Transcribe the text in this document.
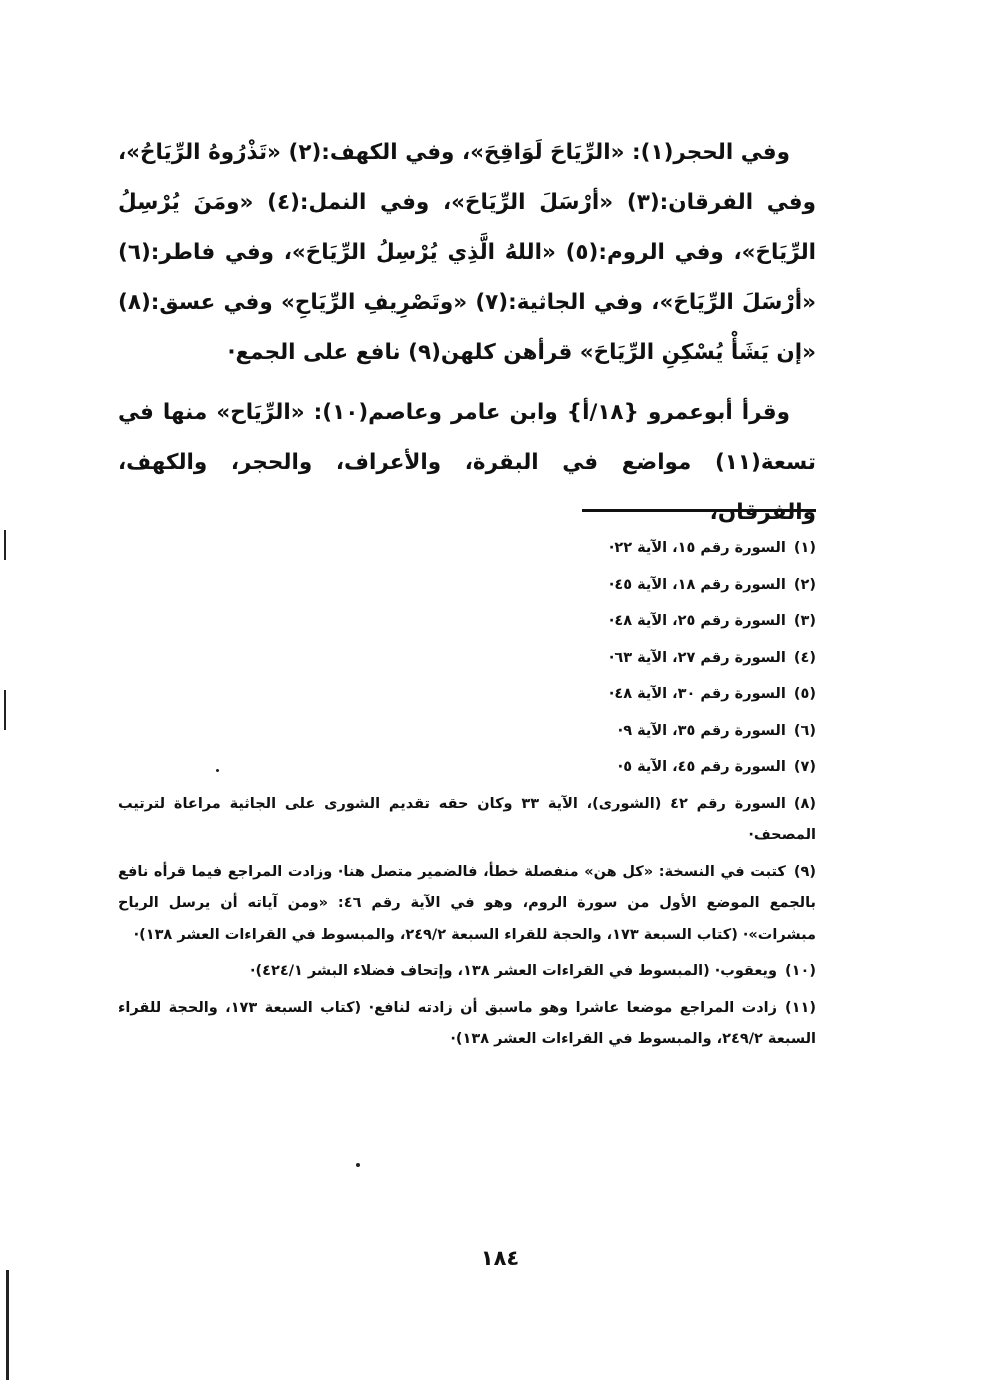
وفي الحجر(١): «الرِّيَاحَ لَوَاقِحَ»، وفي الكهف:(٢) «تَذْرُوهُ الرِّيَاحُ»، وفي الفرقان:(٣) «أرْسَلَ الرِّيَاحَ»، وفي النمل:(٤) «ومَنَ يُرْسِلُ الرِّيَاحَ»، وفي الروم:(٥) «اللهُ الَّذِي يُرْسِلُ الرِّيَاحَ»، وفي فاطر:(٦) «أرْسَلَ الرِّيَاحَ»، وفي الجاثية:(٧) «وتَصْرِيفِ الرِّيَاحِ» وفي عسق:(٨) «إن يَشَأْ يُسْكِنِ الرِّيَاحَ» قرأهن كلهن(٩) نافع على الجمع·

وقرأ أبوعمرو {١٨/أ} وابن عامر وعاصم(١٠): «الرِّيَاح» منها في تسعة(١١) مواضع في البقرة، والأعراف، والحجر، والكهف، والفرقان،

(١)السورة رقم ١٥، الآية ٢٢·

(٢)السورة رقم ١٨، الآية ٤٥·

(٣)السورة رقم ٢٥، الآية ٤٨·

(٤)السورة رقم ٢٧، الآية ٦٣·

(٥)السورة رقم ٣٠، الآية ٤٨·

(٦)السورة رقم ٣٥، الآية ٩·

(٧)السورة رقم ٤٥، الآية ٥·

(٨)السورة رقم ٤٢ (الشورى)، الآية ٣٣ وكان حقه تقديم الشورى على الجاثية مراعاة لترتيب المصحف·

(٩)كتبت في النسخة: «كل هن» منفصلة خطأ، فالضمير متصل هنا· وزادت المراجع فيما قرأه نافع بالجمع الموضع الأول من سورة الروم، وهو في الآية رقم ٤٦: «ومن آياته أن يرسل الرياح مبشرات»· (كتاب السبعة ١٧٣، والحجة للقراء السبعة ٢٤٩/٢، والمبسوط في القراءات العشر ١٣٨)·

(١٠)ويعقوب· (المبسوط في القراءات العشر ١٣٨، وإتحاف فضلاء البشر ٤٢٤/١)·

(١١)زادت المراجع موضعا عاشرا وهو ماسبق أن زادته لنافع· (كتاب السبعة ١٧٣، والحجة للقراء السبعة ٢٤٩/٢، والمبسوط في القراءات العشر ١٣٨)·

١٨٤
